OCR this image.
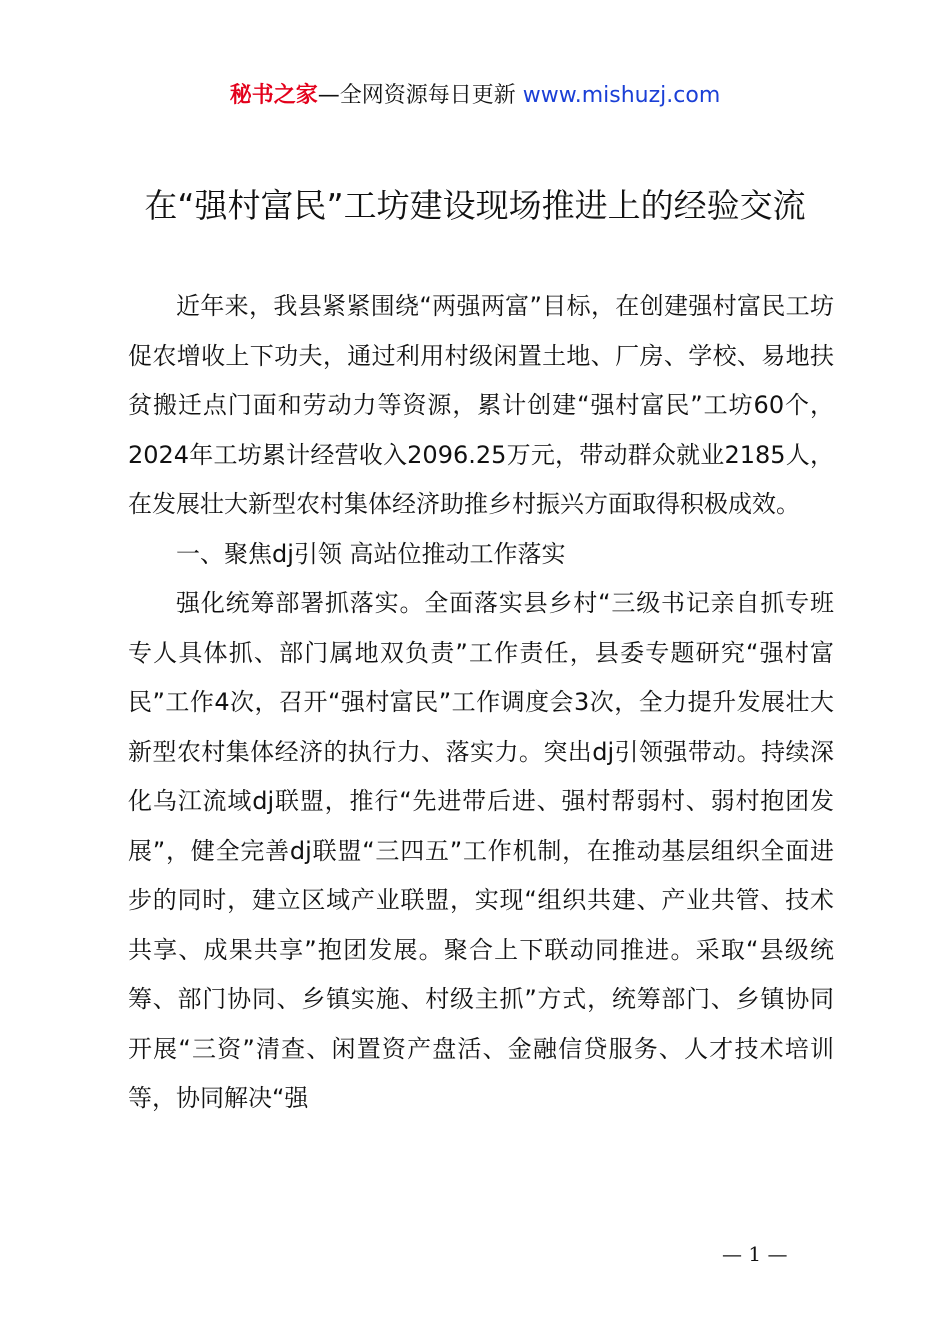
秘书之家—全网资源每日更新 www.mishuzj.com
在“强村富民”工坊建设现场推进上的经验交流

近年来，我县紧紧围绕“两强两富”目标，在创建强村富民工坊促农增收上下功夫，通过利用村级闲置土地、厂房、学校、易地扶贫搬迁点门面和劳动力等资源，累计创建“强村富民”工坊60个，2024年工坊累计经营收入2096.25万元，带动群众就业2185人，在发展壮大新型农村集体经济助推乡村振兴方面取得积极成效。

一、聚焦dj引领 高站位推动工作落实

强化统筹部署抓落实。全面落实县乡村“三级书记亲自抓专班专人具体抓、部门属地双负责”工作责任，县委专题研究“强村富民”工作4次，召开“强村富民”工作调度会3次，全力提升发展壮大新型农村集体经济的执行力、落实力。突出dj引领强带动。持续深化乌江流域dj联盟，推行“先进带后进、强村帮弱村、弱村抱团发展”，健全完善dj联盟“三四五”工作机制，在推动基层组织全面进步的同时，建立区域产业联盟，实现“组织共建、产业共管、技术共享、成果共享”抱团发展。聚合上下联动同推进。采取“县级统筹、部门协同、乡镇实施、村级主抓”方式，统筹部门、乡镇协同开展“三资”清查、闲置资产盘活、金融信贷服务、人才技术培训等，协同解决“强

— 1 —
